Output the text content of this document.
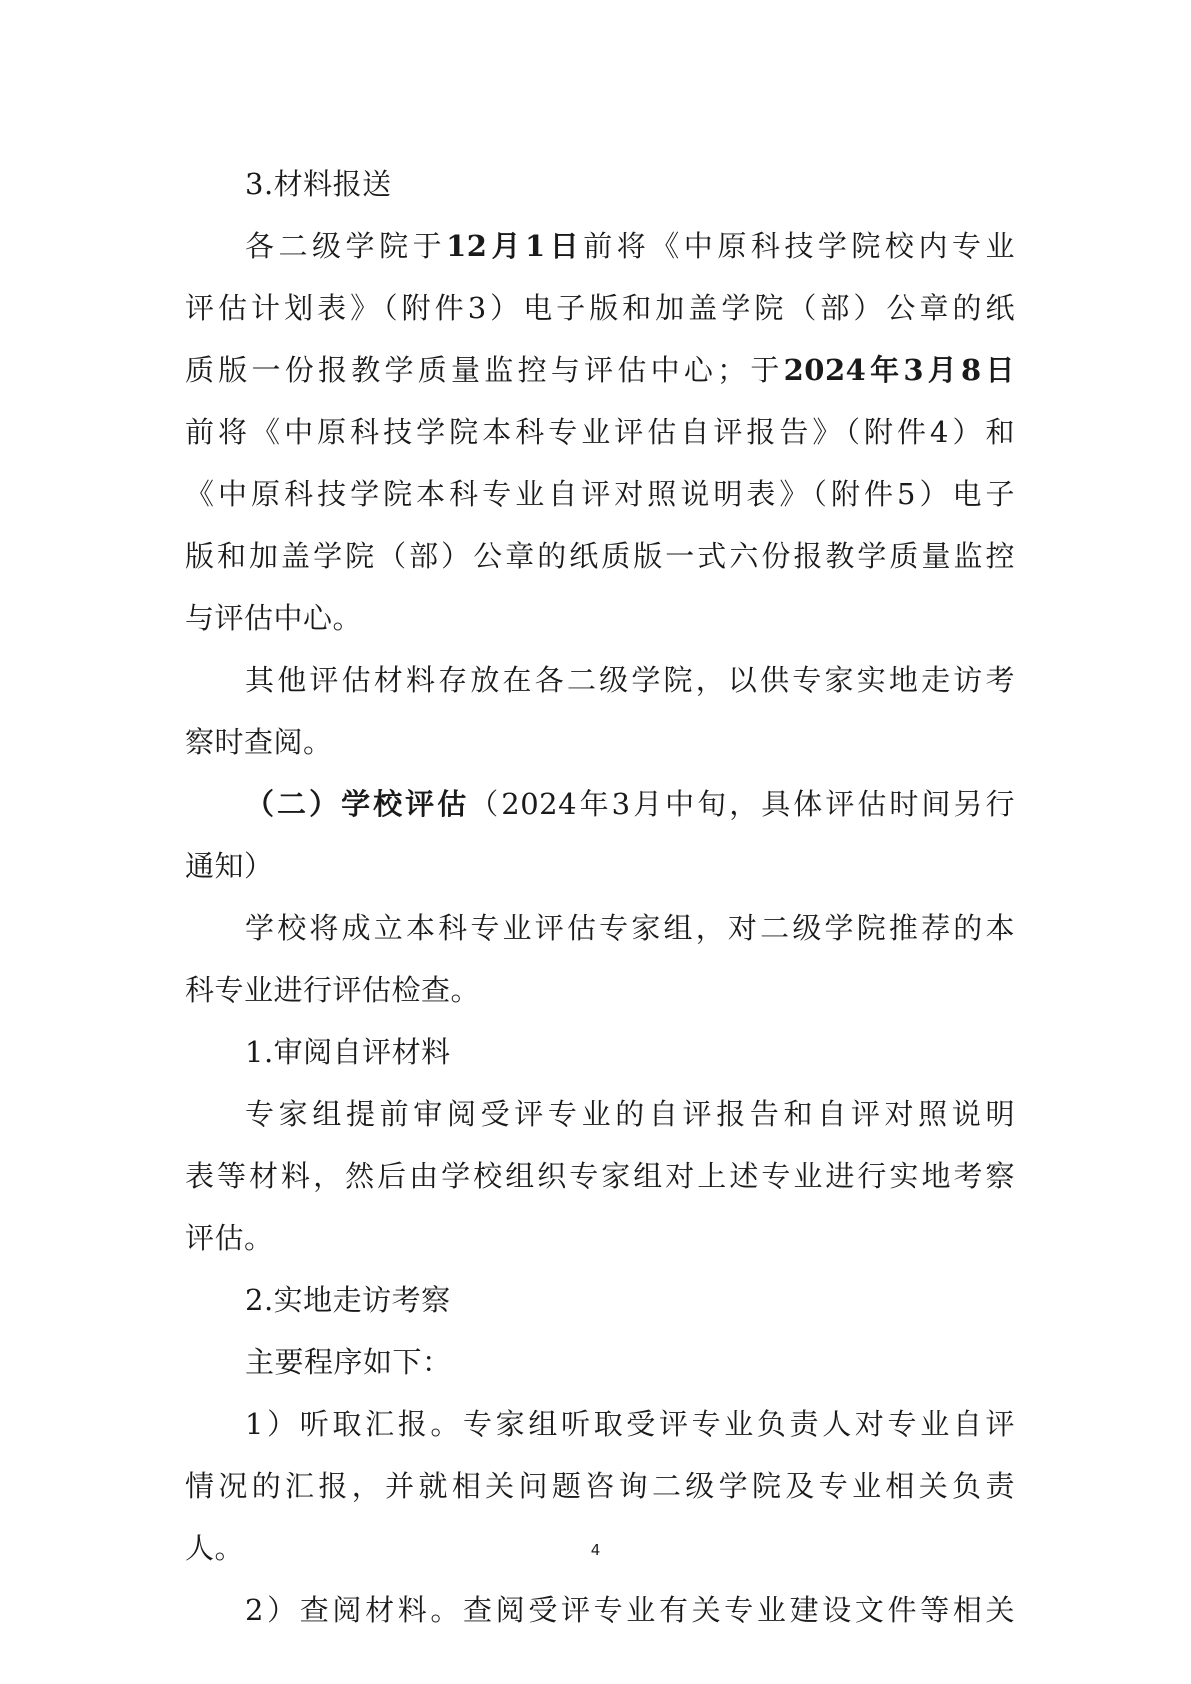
3.材料报送
各二级学院于12月1日前将《中原科技学院校内专业
评估计划表》（附件3）电子版和加盖学院（部）公章的纸
质版一份报教学质量监控与评估中心；于2024年3月8日
前将《中原科技学院本科专业评估自评报告》（附件4）和
《中原科技学院本科专业自评对照说明表》（附件5）电子
版和加盖学院（部）公章的纸质版一式六份报教学质量监控
与评估中心。
其他评估材料存放在各二级学院，以供专家实地走访考
察时查阅。
（二）学校评估（2024年3月中旬，具体评估时间另行
通知）
学校将成立本科专业评估专家组，对二级学院推荐的本
科专业进行评估检查。
1.审阅自评材料
专家组提前审阅受评专业的自评报告和自评对照说明
表等材料，然后由学校组织专家组对上述专业进行实地考察
评估。
2.实地走访考察
主要程序如下：
1）听取汇报。专家组听取受评专业负责人对专业自评
情况的汇报，并就相关问题咨询二级学院及专业相关负责
人。
2）查阅材料。查阅受评专业有关专业建设文件等相关
4
